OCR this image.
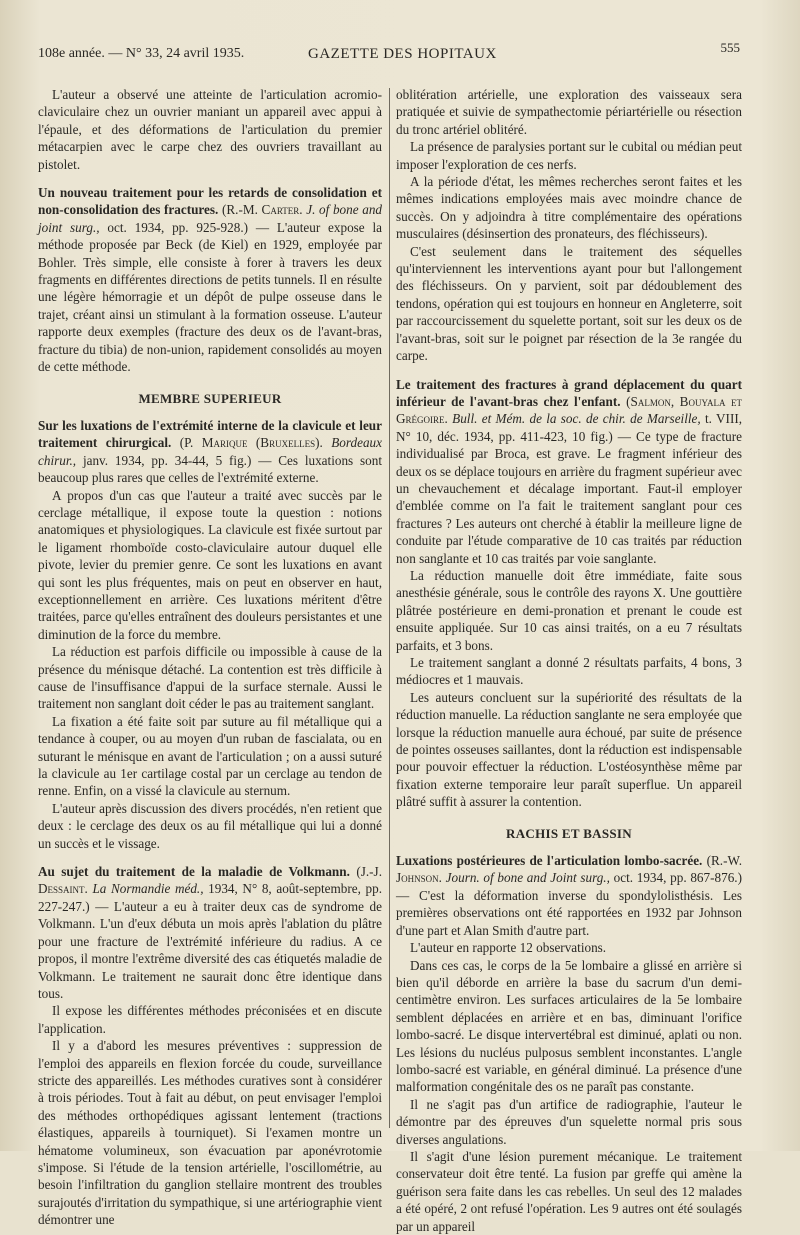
108e année. — N° 33, 24 avril 1935.	GAZETTE DES HOPITAUX	555

L'auteur a observé une atteinte de l'articulation acromio-claviculaire chez un ouvrier maniant un appareil avec appui à l'épaule, et des déformations de l'articulation du premier métacarpien avec le carpe chez des ouvriers travaillant au pistolet.

Un nouveau traitement pour les retards de consolidation et non-consolidation des fractures. (R.-M. Carter. J. of bone and joint surg., oct. 1934, pp. 925-928.) — L'auteur expose la méthode proposée par Beck (de Kiel) en 1929, employée par Bohler. Très simple, elle consiste à forer à travers les deux fragments en différentes directions de petits tunnels. Il en résulte une légère hémorragie et un dépôt de pulpe osseuse dans le trajet, créant ainsi un stimulant à la formation osseuse. L'auteur rapporte deux exemples (fracture des deux os de l'avant-bras, fracture du tibia) de non-union, rapidement consolidés au moyen de cette méthode.

MEMBRE SUPERIEUR

Sur les luxations de l'extrémité interne de la clavicule et leur traitement chirurgical. (P. Marique (Bruxelles). Bordeaux chirur., janv. 1934, pp. 34-44, 5 fig.) — Ces luxations sont beaucoup plus rares que celles de l'extrémité externe.

A propos d'un cas que l'auteur a traité avec succès par le cerclage métallique, il expose toute la question : notions anatomiques et physiologiques. La clavicule est fixée surtout par le ligament rhomboïde costo-claviculaire autour duquel elle pivote, levier du premier genre. Ce sont les luxations en avant qui sont les plus fréquentes, mais on peut en observer en haut, exceptionnellement en arrière. Ces luxations méritent d'être traitées, parce qu'elles entraînent des douleurs persistantes et une diminution de la force du membre.

La réduction est parfois difficile ou impossible à cause de la présence du ménisque détaché. La contention est très difficile à cause de l'insuffisance d'appui de la surface sternale. Aussi le traitement non sanglant doit céder le pas au traitement sanglant.

La fixation a été faite soit par suture au fil métallique qui a tendance à couper, ou au moyen d'un ruban de fascialata, ou en suturant le ménisque en avant de l'articulation ; on a aussi suturé la clavicule au 1er cartilage costal par un cerclage au tendon de renne. Enfin, on a vissé la clavicule au sternum.

L'auteur après discussion des divers procédés, n'en retient que deux : le cerclage des deux os au fil métallique qui lui a donné un succès et le vissage.

Au sujet du traitement de la maladie de Volkmann. (J.-J. Dessaint. La Normandie méd., 1934, N° 8, août-septembre, pp. 227-247.) — L'auteur a eu à traiter deux cas de syndrome de Volkmann. L'un d'eux débuta un mois après l'ablation du plâtre pour une fracture de l'extrémité inférieure du radius. A ce propos, il montre l'extrême diversité des cas étiquetés maladie de Volkmann. Le traitement ne saurait donc être identique dans tous.

Il expose les différentes méthodes préconisées et en discute l'application.

Il y a d'abord les mesures préventives : suppression de l'emploi des appareils en flexion forcée du coude, surveillance stricte des appareillés. Les méthodes curatives sont à considérer à trois périodes. Tout à fait au début, on peut envisager l'emploi des méthodes orthopédiques agissant lentement (tractions élastiques, appareils à tourniquet). Si l'examen montre un hématome volumineux, son évacuation par aponévrotomie s'impose. Si l'étude de la tension artérielle, l'oscillométrie, au besoin l'infiltration du ganglion stellaire montrent des troubles surajoutés d'irritation du sympathique, si une artériographie vient démontrer une

oblitération artérielle, une exploration des vaisseaux sera pratiquée et suivie de sympathectomie périartérielle ou résection du tronc artériel oblitéré.

La présence de paralysies portant sur le cubital ou médian peut imposer l'exploration de ces nerfs.

A la période d'état, les mêmes recherches seront faites et les mêmes indications employées mais avec moindre chance de succès. On y adjoindra à titre complémentaire des opérations musculaires (désinsertion des pronateurs, des fléchisseurs).

C'est seulement dans le traitement des séquelles qu'interviennent les interventions ayant pour but l'allongement des fléchisseurs. On y parvient, soit par dédoublement des tendons, opération qui est toujours en honneur en Angleterre, soit par raccourcissement du squelette portant, soit sur les deux os de l'avant-bras, soit sur le poignet par résection de la 3e rangée du carpe.

Le traitement des fractures à grand déplacement du quart inférieur de l'avant-bras chez l'enfant. (Salmon, Bouyala et Grégoire. Bull. et Mém. de la soc. de chir. de Marseille, t. VIII, N° 10, déc. 1934, pp. 411-423, 10 fig.) — Ce type de fracture individualisé par Broca, est grave. Le fragment inférieur des deux os se déplace toujours en arrière du fragment supérieur avec un chevauchement et décalage important. Faut-il employer d'emblée comme on l'a fait le traitement sanglant pour ces fractures ? Les auteurs ont cherché à établir la meilleure ligne de conduite par l'étude comparative de 10 cas traités par réduction non sanglante et 10 cas traités par voie sanglante.

La réduction manuelle doit être immédiate, faite sous anesthésie générale, sous le contrôle des rayons X. Une gouttière plâtrée postérieure en demi-pronation et prenant le coude est ensuite appliquée. Sur 10 cas ainsi traités, on a eu 7 résultats parfaits, et 3 bons.

Le traitement sanglant a donné 2 résultats parfaits, 4 bons, 3 médiocres et 1 mauvais.

Les auteurs concluent sur la supériorité des résultats de la réduction manuelle. La réduction sanglante ne sera employée que lorsque la réduction manuelle aura échoué, par suite de présence de pointes osseuses saillantes, dont la réduction est indispensable pour pouvoir effectuer la réduction. L'ostéosynthèse même par fixation externe temporaire leur paraît superflue. Un appareil plâtré suffit à assurer la contention.

RACHIS ET BASSIN

Luxations postérieures de l'articulation lombo-sacrée. (R.-W. Johnson. Journ. of bone and Joint surg., oct. 1934, pp. 867-876.) — C'est la déformation inverse du spondylolisthésis. Les premières observations ont été rapportées en 1932 par Johnson d'une part et Alan Smith d'autre part.

L'auteur en rapporte 12 observations.

Dans ces cas, le corps de la 5e lombaire a glissé en arrière si bien qu'il déborde en arrière la base du sacrum d'un demi-centimètre environ. Les surfaces articulaires de la 5e lombaire semblent déplacées en arrière et en bas, diminuant l'orifice lombo-sacré. Le disque intervertébral est diminué, aplati ou non. Les lésions du nucléus pulposus semblent inconstantes. L'angle lombo-sacré est variable, en général diminué. La présence d'une malformation congénitale des os ne paraît pas constante.

Il ne s'agit pas d'un artifice de radiographie, l'auteur le démontre par des épreuves d'un squelette normal pris sous diverses angulations.

Il s'agit d'une lésion purement mécanique. Le traitement conservateur doit être tenté. La fusion par greffe qui amène la guérison sera faite dans les cas rebelles. Un seul des 12 malades a été opéré, 2 ont refusé l'opération. Les 9 autres ont été soulagés par un appareil
